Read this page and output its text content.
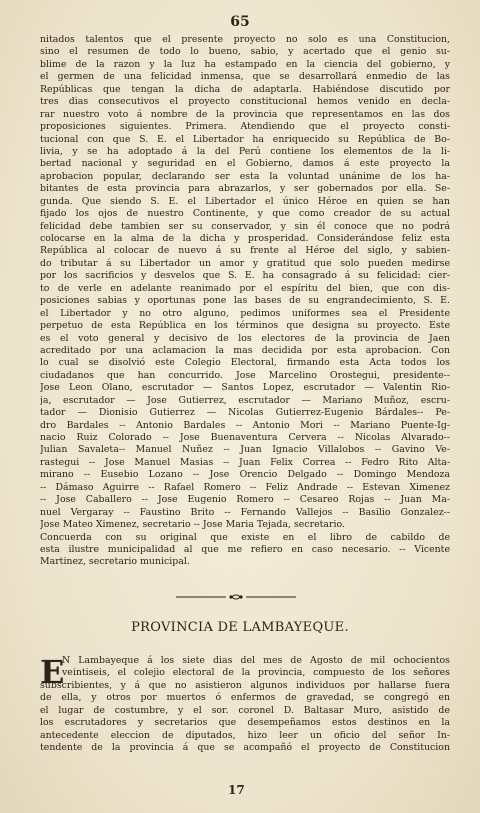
65
nitados talentos que el presente proyecto no solo es una Constitucion,
sino el resumen de todo lo bueno, sabio, y acertado que el genio su-
blime de la razon y la luz ha estampado en la ciencia del gobierno, y
el germen de una felicidad inmensa, que se desarrollará enmedio de las
Repúblicas que tengan la dicha de adaptarla. Habiéndose discutido por
tres dias consecutivos el proyecto constitucional hemos venido en decla-
rar nuestro voto á nombre de la provincia que representamos en las dos
proposiciones siguientes. Primera. Atendiendo que el proyecto consti-
tucional con que S. E. el Libertador ha enriquecido su República de Bo-
livia, y se ha adoptado á la del Perú contiene los elementos de la li-
bertad nacional y seguridad en el Gobierno, damos á este proyecto la
aprobacion popular, declarando ser esta la voluntad unánime de los ha-
bitantes de esta provincia para abrazarlos, y ser gobernados por ella. Se-
gunda. Que siendo S. E. el Libertador el único Héroe en quien se han
fijado los ojos de nuestro Continente, y que como creador de su actual
felicidad debe tambien ser su conservador, y sin él conoce que no podrá
colocarse en la alma de la dicha y prosperidad. Considerándose feliz esta
República al colocar de nuevo á su frente al Héroe del siglo, y sabien-
do tributar á su Libertador un amor y gratitud que solo pueden medirse
por los sacrificios y desvelos que S. E. ha consagrado á su felicidad: cier-
to de verle en adelante reanimado por el espíritu del bien, que con dis-
posiciones sabias y oportunas pone las bases de su engrandecimiento, S. E.
el Libertador y no otro alguno, pedimos uniformes sea el Presidente
perpetuo de esta República en los términos que designa su proyecto. Este
es el voto general y decisivo de los electores de la provincia de Jaen
acreditado por una aclamacion la mas decidida por esta aprobacion. Con
lo cual se disolvió este Colegio Electoral, firmando esta Acta todos los
ciudadanos que han concurrido. Jose Marcelino Orostegui, presidente--
Jose Leon Olano, escrutador — Santos Lopez, escrutador — Valentin Rio-
ja, escrutador — Jose Gutierrez, escrutador — Mariano Muñoz, escru-
tador — Dionisio Gutierrez — Nicolas Gutierrez-Eugenio Bárdales-- Pe-
dro Bardales -- Antonio Bardales -- Antonio Mori -- Mariano Puente-Ig-
nacio Ruiz Colorado -- Jose Buenaventura Cervera -- Nicolas Alvarado--
Julian Savaleta-- Manuel Nuñez -- Juan Ignacio Villalobos -- Gavino Ve-
rastegui -- Jose Manuel Masias -- Juan Felix Correa -- Fedro Rito Alta-
mirano -- Eusebio Lozano -- Jose Orencio Delgado -- Domingo Mendoza
-- Dámaso Aguirre -- Rafael Romero -- Feliz Andrade -- Estevan Ximenez
-- Jose Caballero -- Jose Eugenio Romero -- Cesareo Rojas -- Juan Ma-
nuel Vergaray -- Faustino Brito -- Fernando Vallejos -- Basilio Gonzalez--
Jose Mateo Ximenez, secretario -- Jose Maria Tejada, secretario.
Concuerda con su original que existe en el libro de cabildo de
esta ilustre municipalidad al que me refiero en caso necesario. -- Vicente
Martinez, secretario municipal.
PROVINCIA DE LAMBAYEQUE.
E
N Lambayeque á los siete dias del mes de Agosto de mil ochocientos
veintiseis, el colejio electoral de la provincia, compuesto de los señores
subscribientes, y á que no asistieron algunos individuos por hallarse fuera
de ella, y otros por muertos ó enfermos de gravedad, se congregó en
el lugar de costumbre, y el sor. coronel D. Baltasar Muro, asistido de
los escrutadores y secretarios que desempeñamos estos destinos en la
antecedente eleccion de diputados, hizo leer un oficio del señor In-
tendente de la provincia á que se acompañó el proyecto de Constitucion
17
